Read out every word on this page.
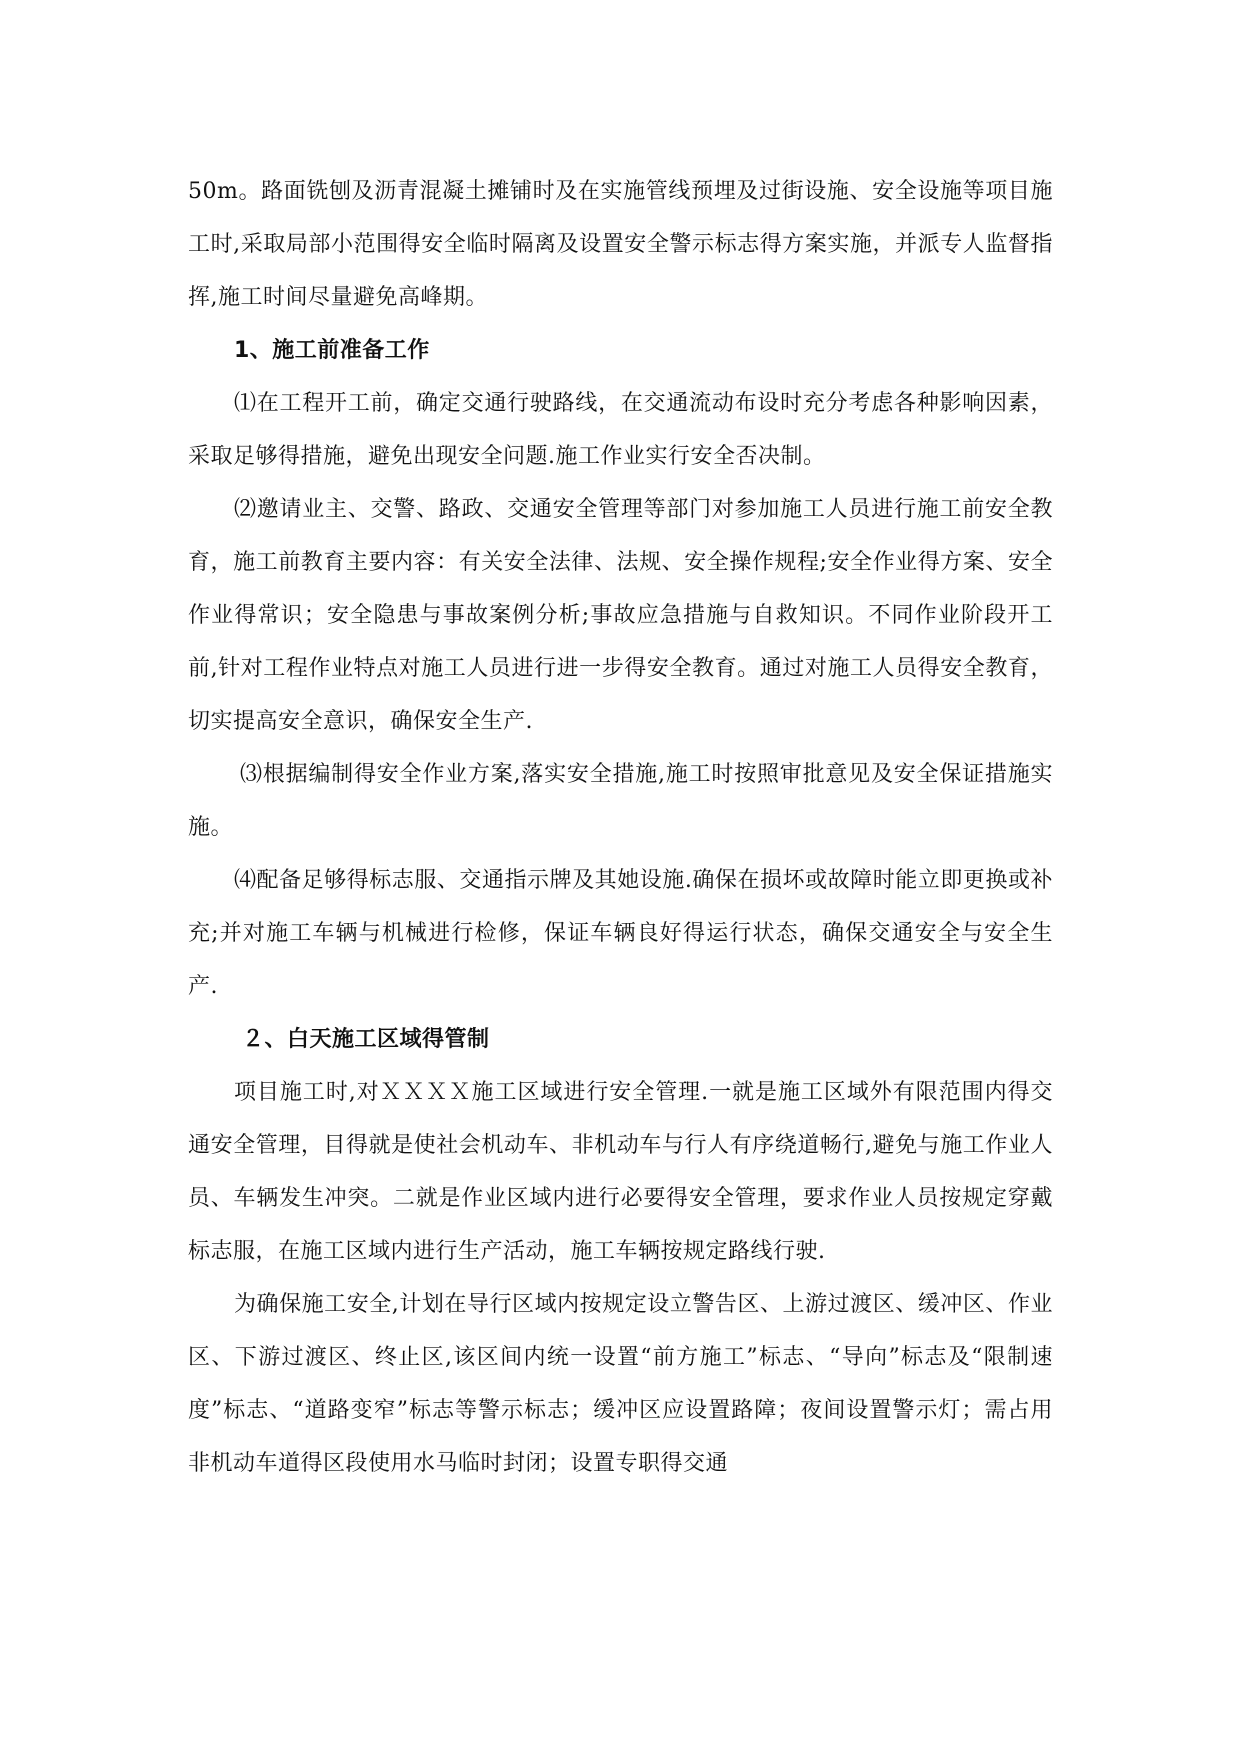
50m。路面铣刨及沥青混凝土摊铺时及在实施管线预埋及过街设施、安全设施等项目施工时,采取局部小范围得安全临时隔离及设置安全警示标志得方案实施，并派专人监督指挥,施工时间尽量避免高峰期。

1、施工前准备工作

⑴在工程开工前，确定交通行驶路线，在交通流动布设时充分考虑各种影响因素，采取足够得措施，避免出现安全问题.施工作业实行安全否决制。

⑵邀请业主、交警、路政、交通安全管理等部门对参加施工人员进行施工前安全教育，施工前教育主要内容：有关安全法律、法规、安全操作规程;安全作业得方案、安全作业得常识；安全隐患与事故案例分析;事故应急措施与自救知识。不同作业阶段开工前,针对工程作业特点对施工人员进行进一步得安全教育。通过对施工人员得安全教育，切实提高安全意识，确保安全生产.

⑶根据编制得安全作业方案,落实安全措施,施工时按照审批意见及安全保证措施实施。

⑷配备足够得标志服、交通指示牌及其她设施.确保在损坏或故障时能立即更换或补充;并对施工车辆与机械进行检修，保证车辆良好得运行状态，确保交通安全与安全生产.

２、白天施工区域得管制

项目施工时,对ＸＸＸＸ施工区域进行安全管理.一就是施工区域外有限范围内得交通安全管理，目得就是使社会机动车、非机动车与行人有序绕道畅行,避免与施工作业人员、车辆发生冲突。二就是作业区域内进行必要得安全管理，要求作业人员按规定穿戴标志服，在施工区域内进行生产活动，施工车辆按规定路线行驶.

为确保施工安全,计划在导行区域内按规定设立警告区、上游过渡区、缓冲区、作业区、下游过渡区、终止区,该区间内统一设置“前方施工”标志、“导向”标志及“限制速度”标志、“道路变窄”标志等警示标志；缓冲区应设置路障；夜间设置警示灯；需占用非机动车道得区段使用水马临时封闭；设置专职得交通
